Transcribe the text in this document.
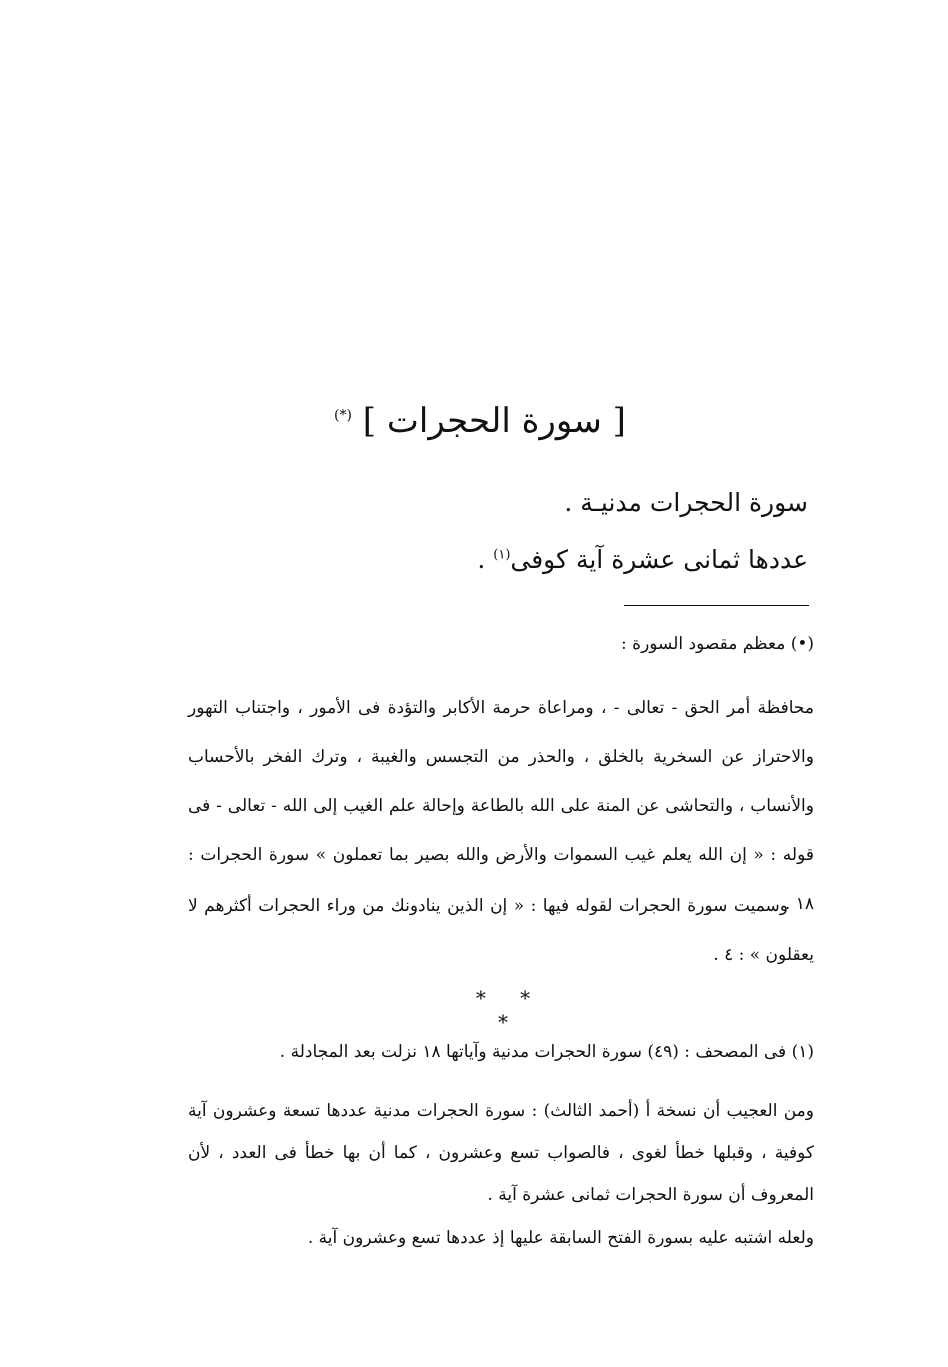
[ سورة الحجرات ] (*)
سورة الحجرات مدنيـة .
عددها ثمانى عشرة آية كوفى$^{(١)}$ .
(•) معظم مقصود السورة :
محافظة أمر الحق - تعالى - ، ومراعاة حرمة الأكابر والتؤدة فى الأمور ، واجتناب التهور والاحتراز عن السخرية بالخلق ، والحذر من التجسس والغيبة ، وترك الفخر بالأحساب والأنساب ، والتحاشى عن المنة على الله بالطاعة وإحالة علم الغيب إلى الله - تعالى - فى قوله : « إن الله يعلم غيب السموات والأرض والله بصير بما تعملون » سورة الحجرات : ١٨ .
وسميت سورة الحجرات لقوله فيها : « إن الذين ينادونك من وراء الحجرات أكثرهم لا يعقلون » : ٤ .
* * *
(١) فى المصحف : (٤٩) سورة الحجرات مدنية وآياتها ١٨ نزلت بعد المجادلة .
ومن العجيب أن نسخة أ (أحمد الثالث) : سورة الحجرات مدنية عددها تسعة وعشرون آية كوفية ، وقبلها خطأ لغوى ، فالصواب تسع وعشرون ، كما أن بها خطأ فى العدد ، لأن المعروف أن سورة الحجرات ثمانى عشرة آية .
ولعله اشتبه عليه بسورة الفتح السابقة عليها إذ عددها تسع وعشرون آية .
